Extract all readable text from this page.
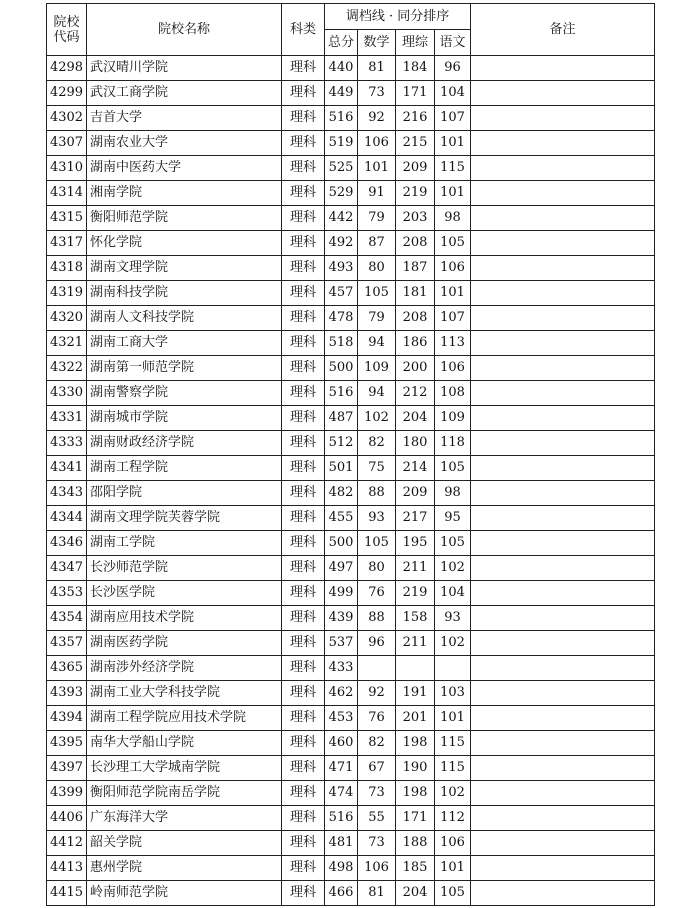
院校代码	院校名称	科类	调档线 · 同分排序				备注
			总分	数学	理综	语文	
4298	武汉晴川学院	理科	440	81	184	96	
4299	武汉工商学院	理科	449	73	171	104	
4302	吉首大学	理科	516	92	216	107	
4307	湖南农业大学	理科	519	106	215	101	
4310	湖南中医药大学	理科	525	101	209	115	
4314	湘南学院	理科	529	91	219	101	
4315	衡阳师范学院	理科	442	79	203	98	
4317	怀化学院	理科	492	87	208	105	
4318	湖南文理学院	理科	493	80	187	106	
4319	湖南科技学院	理科	457	105	181	101	
4320	湖南人文科技学院	理科	478	79	208	107	
4321	湖南工商大学	理科	518	94	186	113	
4322	湖南第一师范学院	理科	500	109	200	106	
4330	湖南警察学院	理科	516	94	212	108	
4331	湖南城市学院	理科	487	102	204	109	
4333	湖南财政经济学院	理科	512	82	180	118	
4341	湖南工程学院	理科	501	75	214	105	
4343	邵阳学院	理科	482	88	209	98	
4344	湖南文理学院芙蓉学院	理科	455	93	217	95	
4346	湖南工学院	理科	500	105	195	105	
4347	长沙师范学院	理科	497	80	211	102	
4353	长沙医学院	理科	499	76	219	104	
4354	湖南应用技术学院	理科	439	88	158	93	
4357	湖南医药学院	理科	537	96	211	102	
4365	湖南涉外经济学院	理科	433				
4393	湖南工业大学科技学院	理科	462	92	191	103	
4394	湖南工程学院应用技术学院	理科	453	76	201	101	
4395	南华大学船山学院	理科	460	82	198	115	
4397	长沙理工大学城南学院	理科	471	67	190	115	
4399	衡阳师范学院南岳学院	理科	474	73	198	102	
4406	广东海洋大学	理科	516	55	171	112	
4412	韶关学院	理科	481	73	188	106	
4413	惠州学院	理科	498	106	185	101	
4415	岭南师范学院	理科	466	81	204	105	
